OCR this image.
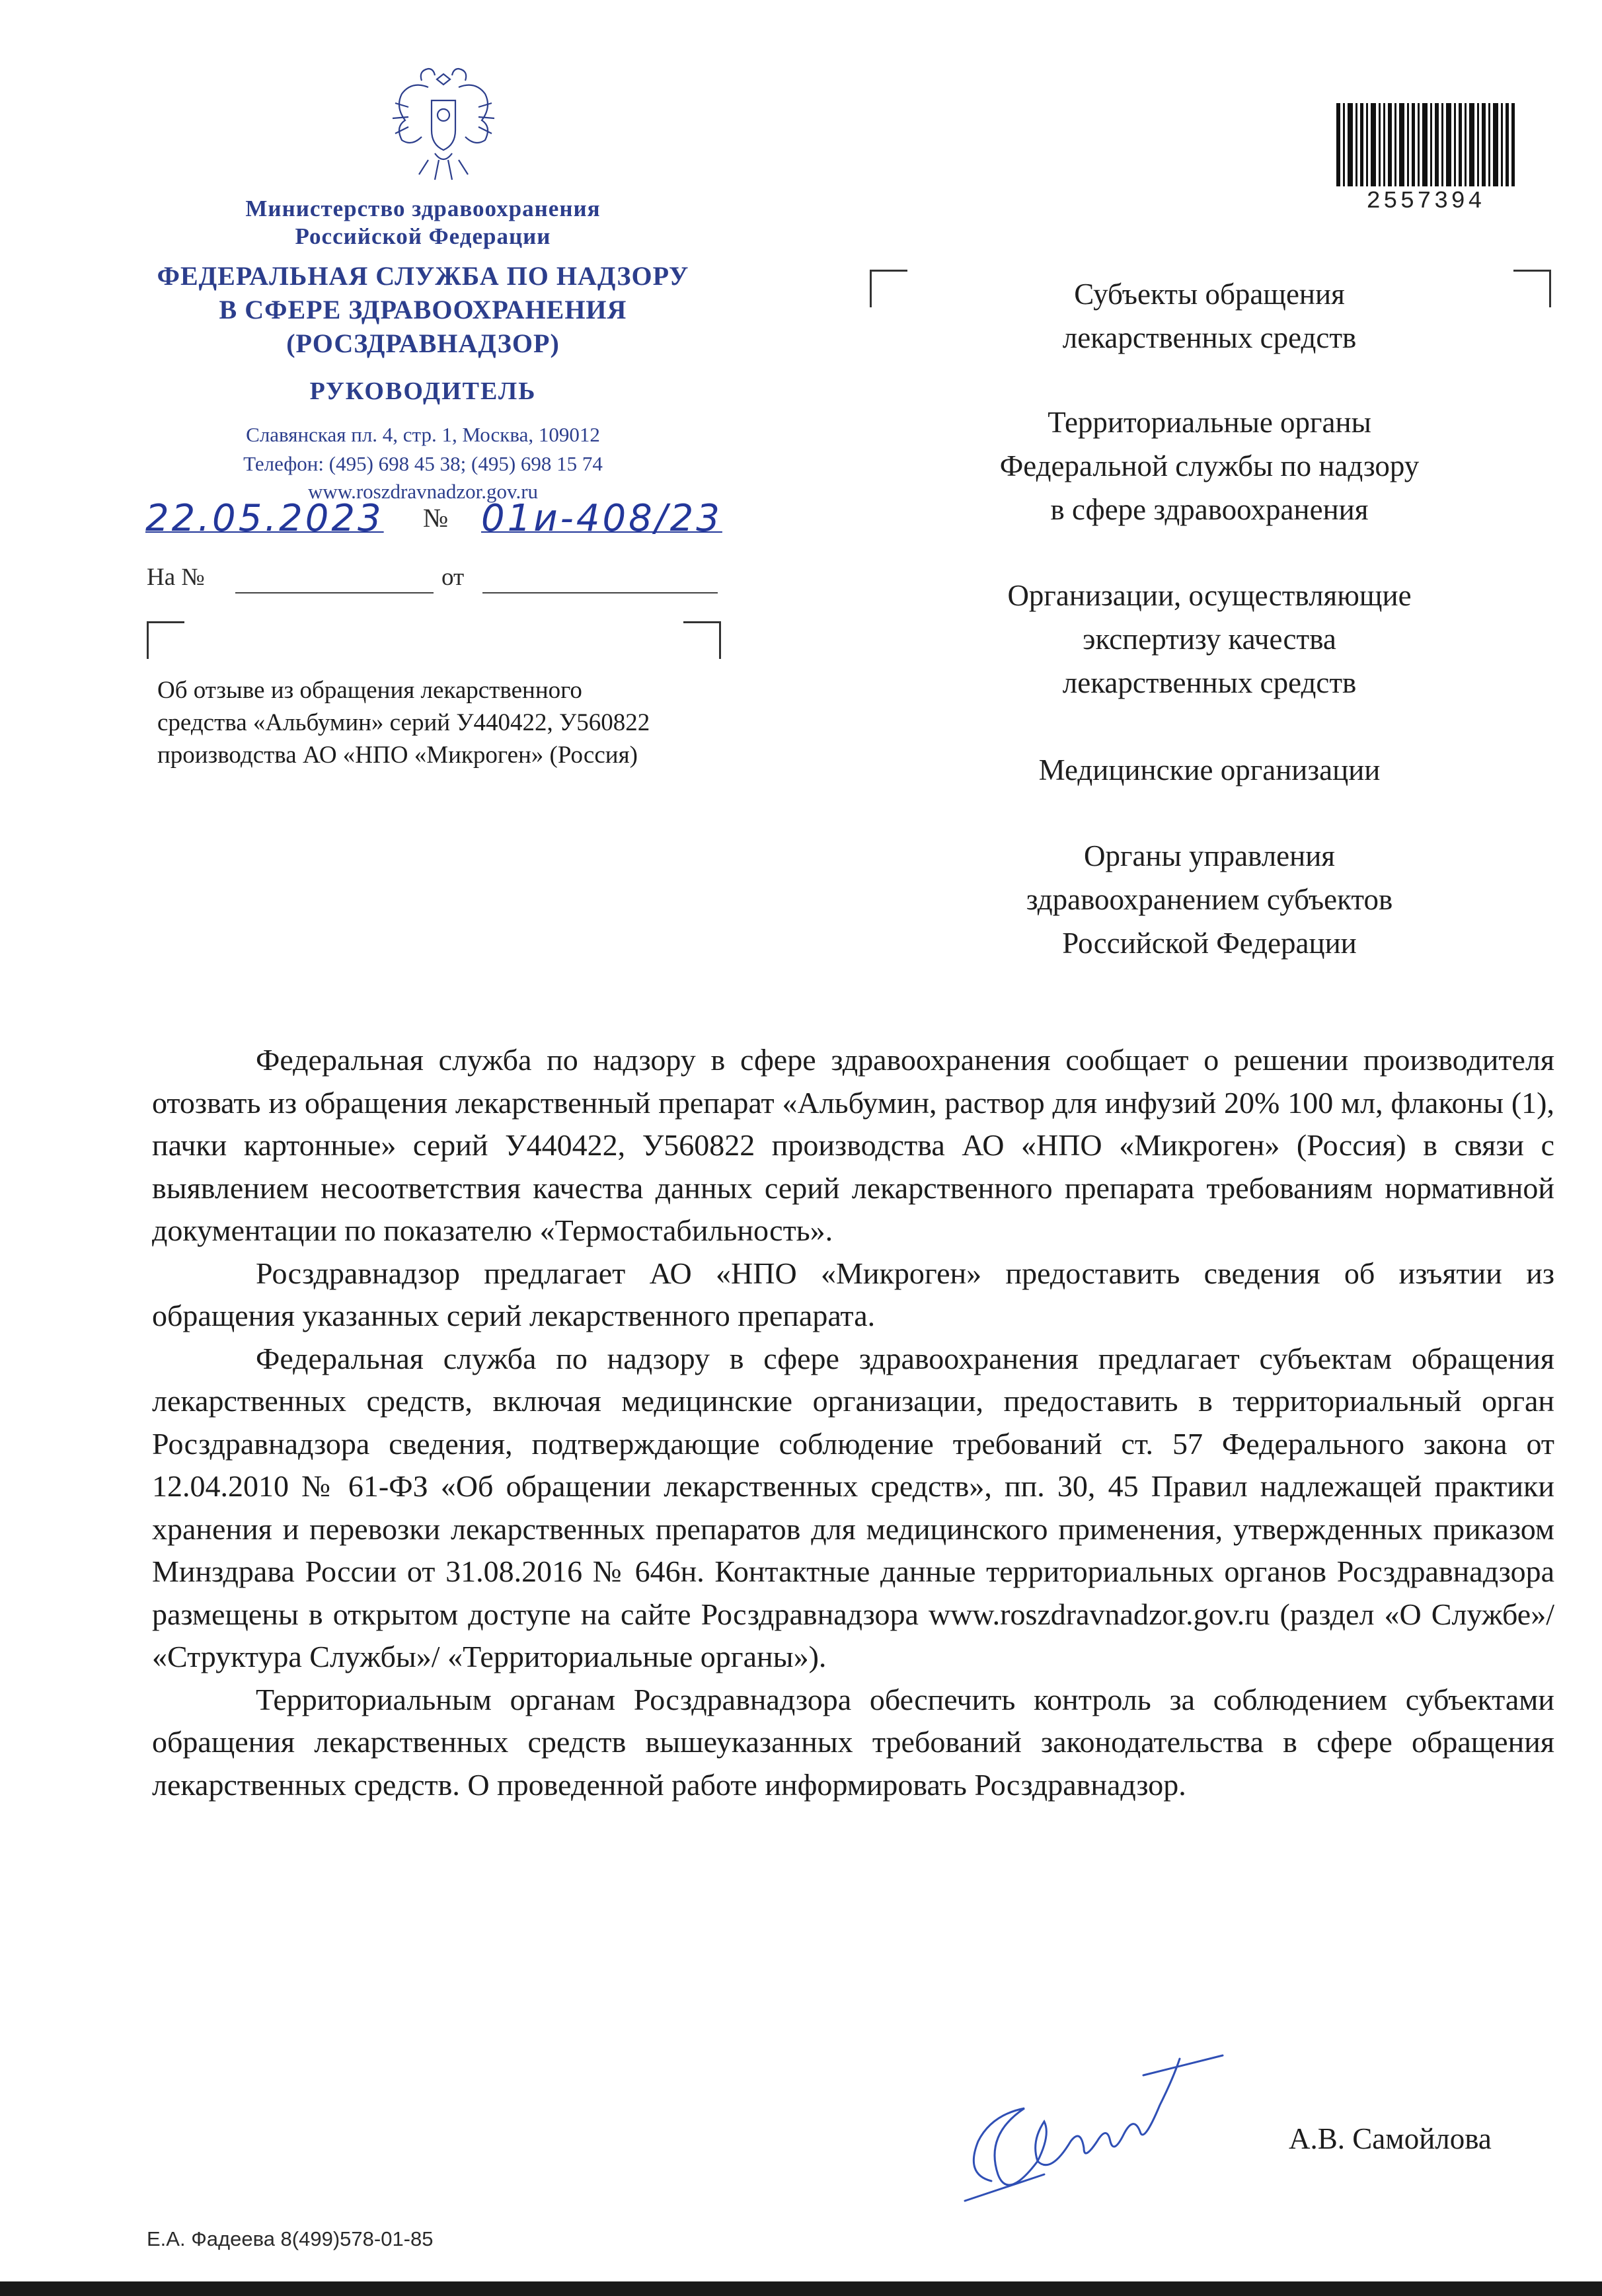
2557394
Министерство здравоохранения
Российской Федерации
ФЕДЕРАЛЬНАЯ СЛУЖБА ПО НАДЗОРУ
В СФЕРЕ ЗДРАВООХРАНЕНИЯ
(РОСЗДРАВНАДЗОР)
РУКОВОДИТЕЛЬ
Славянская пл. 4, стр. 1, Москва, 109012
Телефон: (495) 698 45 38; (495) 698 15 74
www.roszdravnadzor.gov.ru
22.05.2023 № 01и-408/23
На №	от
Об отзыве из обращения лекарственного
средства «Альбумин» серий У440422, У560822
производства АО «НПО «Микроген» (Россия)
Субъекты обращения
лекарственных средств
Территориальные органы
Федеральной службы по надзору
в сфере здравоохранения
Организации, осуществляющие
экспертизу качества
лекарственных средств
Медицинские организации
Органы управления
здравоохранением субъектов
Российской Федерации

Федеральная служба по надзору в сфере здравоохранения сообщает о решении производителя отозвать из обращения лекарственный препарат «Альбумин, раствор для инфузий 20% 100 мл, флаконы (1), пачки картонные» серий У440422, У560822 производства АО «НПО «Микроген» (Россия) в связи с выявлением несоответствия качества данных серий лекарственного препарата требованиям нормативной документации по показателю «Термостабильность».

Росздравнадзор предлагает АО «НПО «Микроген» предоставить сведения об изъятии из обращения указанных серий лекарственного препарата.

Федеральная служба по надзору в сфере здравоохранения предлагает субъектам обращения лекарственных средств, включая медицинские организации, предоставить в территориальный орган Росздравнадзора сведения, подтверждающие соблюдение требований ст. 57 Федерального закона от 12.04.2010 № 61-ФЗ «Об обращении лекарственных средств», пп. 30, 45 Правил надлежащей практики хранения и перевозки лекарственных препаратов для медицинского применения, утвержденных приказом Минздрава России от 31.08.2016 № 646н. Контактные данные территориальных органов Росздравнадзора размещены в открытом доступе на сайте Росздравнадзора www.roszdravnadzor.gov.ru (раздел «О Службе»/ «Структура Службы»/ «Территориальные органы»).

Территориальным органам Росздравнадзора обеспечить контроль за соблюдением субъектами обращения лекарственных средств вышеуказанных требований законодательства в сфере обращения лекарственных средств. О проведенной работе информировать Росздравнадзор.

А.В. Самойлова
Е.А. Фадеева 8(499)578-01-85
